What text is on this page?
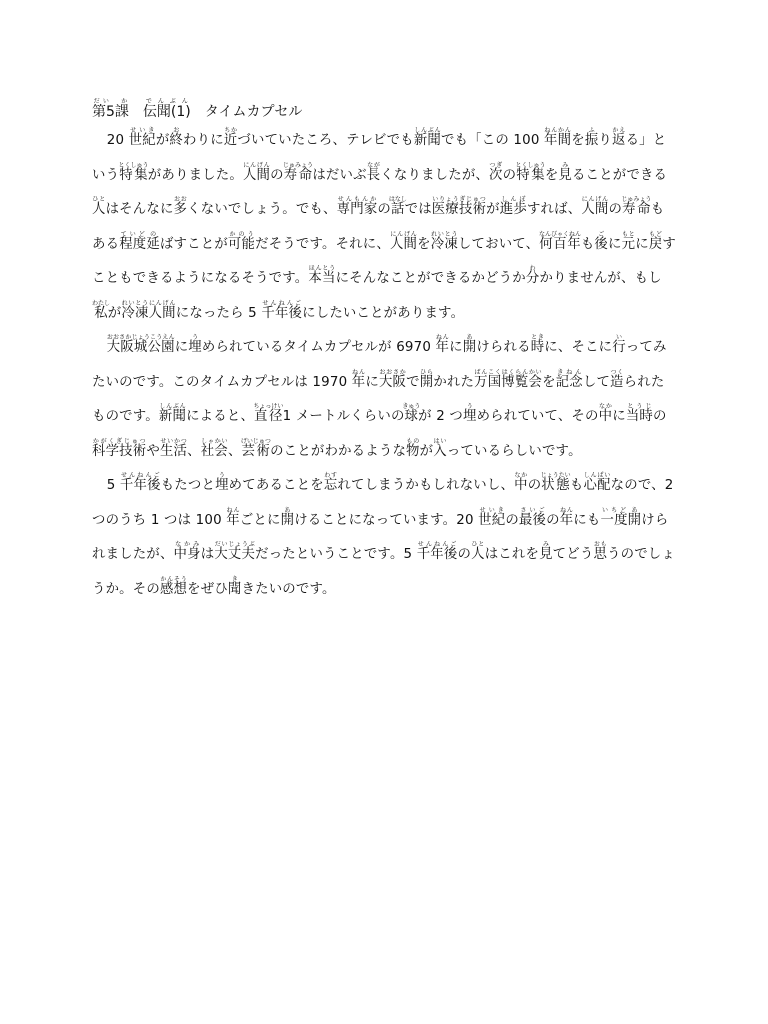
第5課だい　 か伝聞(1)でんぶんタイムカプセル

20 世紀せいきが終おわりに近ちかづいていたころ、テレビでも新聞しんぶんでも「この 100 年間ねんかんを振ふり返かえる」という特集とくしゅうがありました。人間にんげんの寿命じゅみょうはだいぶ長ながくなりましたが、次つぎの特集とくしゅうを見みることができる人ひとはそんなに多おおくないでしょう。でも、専門家せんもんかの話はなしでは医療技術いりょうぎじゅつが進歩しんぽすれば、人間にんげんの寿命じゅみょうもある程度ていど延のばすことが可能かのうだそうです。それに、人間にんげんを冷凍れいとうしておいて、何百年なんびゃくねんも後ごに元もとに戻もどすこともできるようになるそうです。本当ほんとうにそんなことができるかどうか分わかりませんが、もし私わたしが冷凍人間れいとうにんげんになったら 5 千年後せんねんごにしたいことがあります。

大阪城公園おおさかじょうこうえんに埋うめられているタイムカプセルが 6970 年ねんに開あけられる時ときに、そこに行いってみたいのです。このタイムカプセルは 1970 年ねんに大阪おおさかで開ひらかれた万国博覧会ばんこくはくらんかいを記念きねんして造つくられたものです。新聞しんぶんによると、直径ちょっけい1 メートルくらいの球きゅうが 2 つ埋うめられていて、その中なかに当時とうじの科学技術かがくぎじゅつや生活せいかつ、社会しゃかい、芸術げいじゅつのことがわかるような物ものが入はいっているらしいです。

5 千年後せんねんごもたつと埋うめてあることを忘わすれてしまうかもしれないし、中なかの状態じょうたいも心配しんぱいなので、2 つのうち 1 つは 100 年ねんごとに開あけることになっています。20 世紀せいきの最後さいごの年ねんにも一度いちど開あけられましたが、中身なかみは大丈夫だいじょうぶだったということです。5 千年後せんねんごの人ひとはこれを見みてどう思おもうのでしょうか。その感想かんそうをぜひ聞ききたいのです。
